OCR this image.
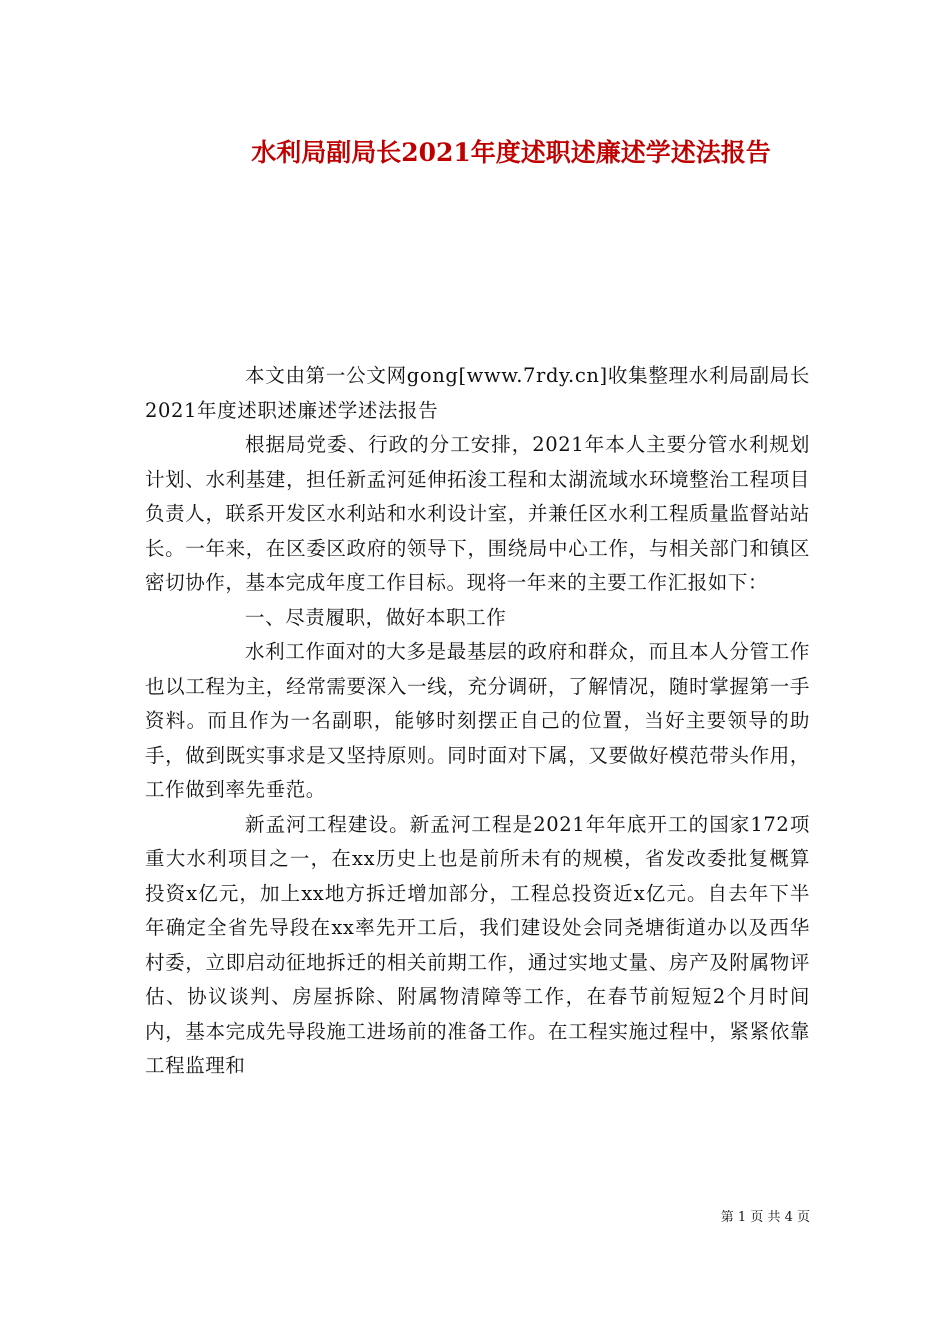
水利局副局长2021年度述职述廉述学述法报告

本文由第一公文网gong[www.7rdy.cn]收集整理水利局副局长2021年度述职述廉述学述法报告

根据局党委、行政的分工安排，2021年本人主要分管水利规划计划、水利基建，担任新孟河延伸拓浚工程和太湖流域水环境整治工程项目负责人，联系开发区水利站和水利设计室，并兼任区水利工程质量监督站站长。一年来，在区委区政府的领导下，围绕局中心工作，与相关部门和镇区密切协作，基本完成年度工作目标。现将一年来的主要工作汇报如下：

一、尽责履职，做好本职工作

水利工作面对的大多是最基层的政府和群众，而且本人分管工作也以工程为主，经常需要深入一线，充分调研，了解情况，随时掌握第一手资料。而且作为一名副职，能够时刻摆正自己的位置，当好主要领导的助手，做到既实事求是又坚持原则。同时面对下属，又要做好模范带头作用，工作做到率先垂范。

新孟河工程建设。新孟河工程是2021年年底开工的国家172项重大水利项目之一，在xx历史上也是前所未有的规模，省发改委批复概算投资x亿元，加上xx地方拆迁增加部分，工程总投资近x亿元。自去年下半年确定全省先导段在xx率先开工后，我们建设处会同尧塘街道办以及西华村委，立即启动征地拆迁的相关前期工作，通过实地丈量、房产及附属物评估、协议谈判、房屋拆除、附属物清障等工作，在春节前短短2个月时间内，基本完成先导段施工进场前的准备工作。在工程实施过程中，紧紧依靠工程监理和

第 1 页 共 4 页
